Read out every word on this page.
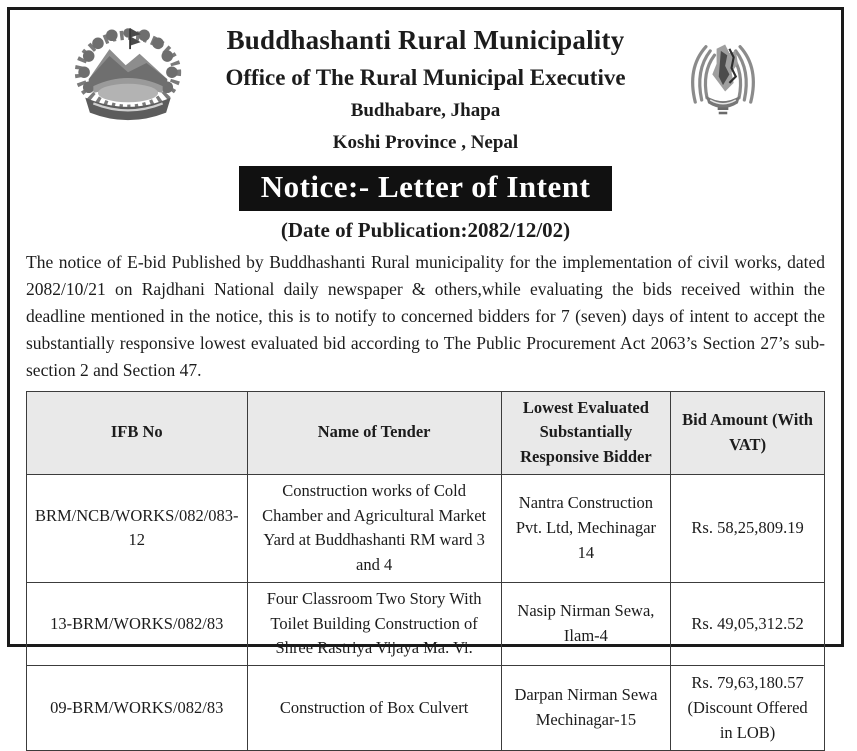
Buddhashanti Rural Municipality
Office of The Rural Municipal Executive
Budhabare, Jhapa
Koshi Province , Nepal
Notice:- Letter of Intent
(Date of Publication:2082/12/02)
The notice of E-bid Published by Buddhashanti Rural municipality for the implementation of civil works, dated 2082/10/21 on Rajdhani National daily newspaper & others,while evaluating the bids received within the deadline mentioned in the notice, this is to notify to concerned bidders for 7 (seven) days of intent to accept the substantially responsive lowest evaluated bid according to The Public Procurement Act 2063’s Section 27’s sub-section 2 and Section 47.
IFB No	Name of Tender	Lowest Evaluated Substantially Responsive Bidder	Bid Amount (With VAT)
BRM/NCB/WORKS/082/083-12	Construction works of Cold Chamber and Agricultural Market Yard at Buddhashanti RM ward 3 and 4	Nantra Construction Pvt. Ltd, Mechinagar 14	Rs. 58,25,809.19
13-BRM/WORKS/082/83	Four Classroom Two Story With Toilet Building Construction of Shree Rastriya Vijaya Ma. Vi.	Nasip Nirman Sewa, Ilam-4	Rs. 49,05,312.52
09-BRM/WORKS/082/83	Construction of Box Culvert	Darpan Nirman Sewa Mechinagar-15	Rs. 79,63,180.57 (Discount Offered in LOB)
